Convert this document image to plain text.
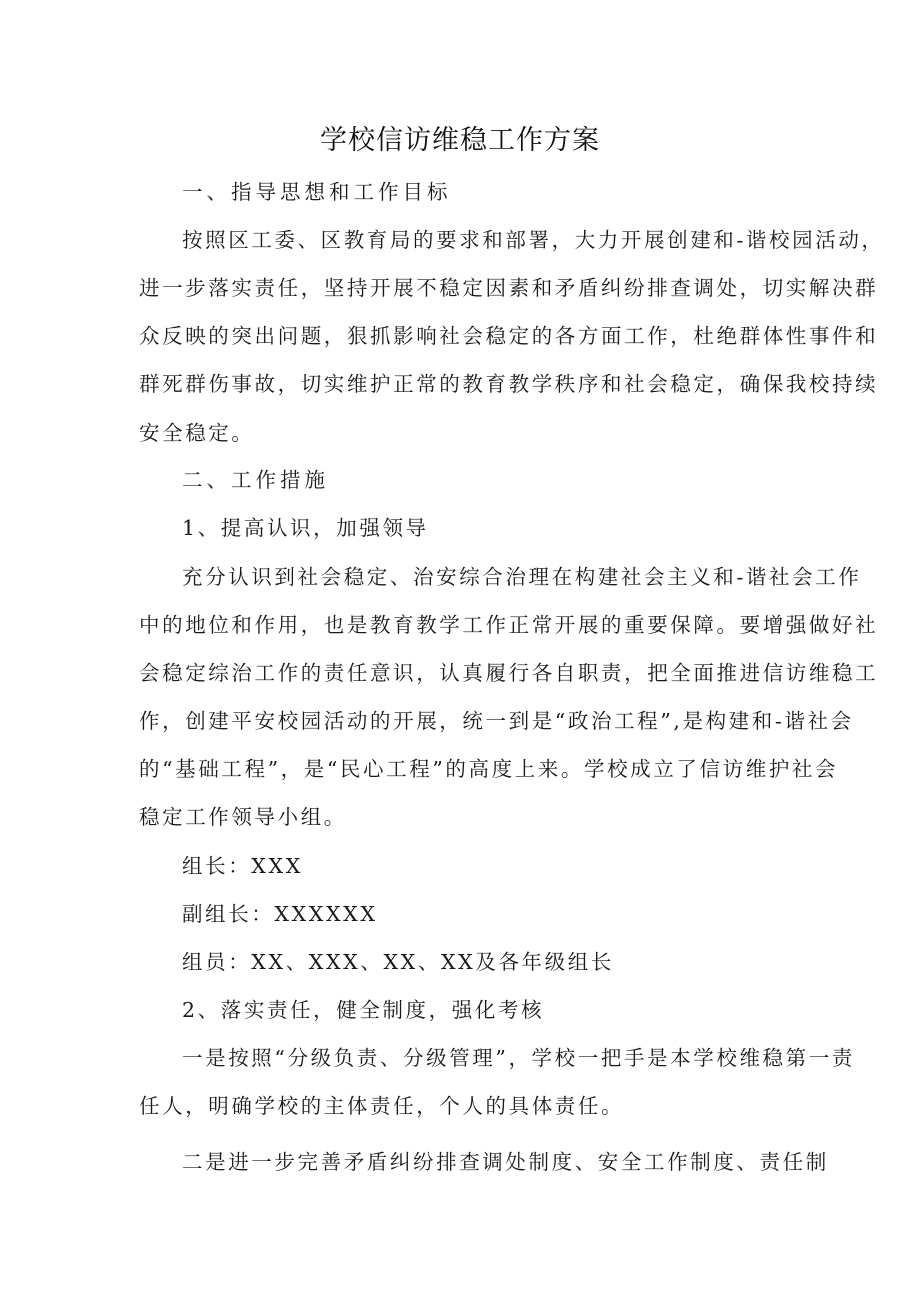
学校信访维稳工作方案
一、指导思想和工作目标
按照区工委、区教育局的要求和部署，大力开展创建和-谐校园活动，
进一步落实责任，坚持开展不稳定因素和矛盾纠纷排查调处，切实解决群
众反映的突出问题，狠抓影响社会稳定的各方面工作，杜绝群体性事件和
群死群伤事故，切实维护正常的教育教学秩序和社会稳定，确保我校持续
安全稳定。
二、工作措施
1、提高认识，加强领导
充分认识到社会稳定、治安综合治理在构建社会主义和-谐社会工作
中的地位和作用，也是教育教学工作正常开展的重要保障。要增强做好社
会稳定综治工作的责任意识，认真履行各自职责，把全面推进信访维稳工
作，创建平安校园活动的开展，统一到是“政治工程”,是构建和-谐社会
的“基础工程”，是“民心工程”的高度上来。学校成立了信访维护社会
稳定工作领导小组。
组长：XXX
副组长：XXXXXX
组员：XX、XXX、XX、XX及各年级组长
2、落实责任，健全制度，强化考核
一是按照“分级负责、分级管理”，学校一把手是本学校维稳第一责
任人，明确学校的主体责任，个人的具体责任。
二是进一步完善矛盾纠纷排查调处制度、安全工作制度、责任制
